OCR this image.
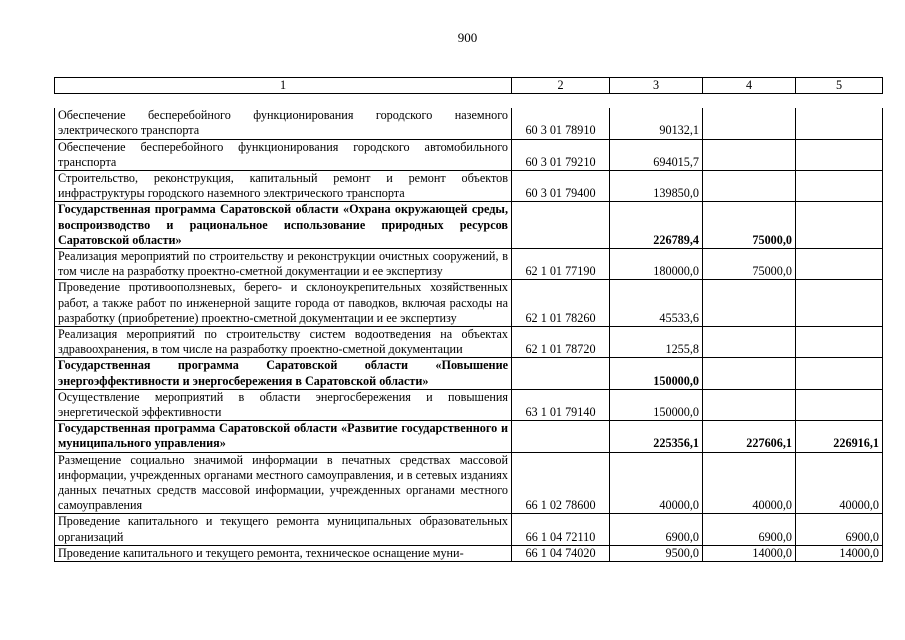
900
1	2	3	4	5

Обеспечение бесперебойного функционирования городского наземного электрического транспорта	60 3 01 78910	90132,1		
Обеспечение бесперебойного функционирования городского автомобильного транспорта	60 3 01 79210	694015,7		
Строительство, реконструкция, капитальный ремонт и ремонт объектов инфраструктуры городского наземного электрического транспорта	60 3 01 79400	139850,0		
Государственная программа Саратовской области «Охрана окружающей среды, воспроизводство и рациональное использование природных ресурсов Саратовской области»		226789,4	75000,0	
Реализация мероприятий по строительству и реконструкции очистных сооружений, в том числе на разработку проектно-сметной документации и ее экспертизу	62 1 01 77190	180000,0	75000,0	
Проведение противооползневых, берего- и склоноукрепительных хозяйственных работ, а также работ по инженерной защите города от паводков, включая расходы на разработку (приобретение) проектно-сметной документации и ее экспертизу	62 1 01 78260	45533,6		
Реализация мероприятий по строительству систем водоотведения на объектах здравоохранения, в том числе на разработку проектно-сметной документации	62 1 01 78720	1255,8		
Государственная программа Саратовской области «Повышение энергоэффективности и энергосбережения в Саратовской области»		150000,0		
Осуществление мероприятий в области энергосбережения и повышения энергетической эффективности	63 1 01 79140	150000,0		
Государственная программа Саратовской области «Развитие государственного и муниципального управления»		225356,1	227606,1	226916,1
Размещение социально значимой информации в печатных средствах массовой информации, учрежденных органами местного самоуправления, и в сетевых изданиях данных печатных средств массовой информации, учрежденных органами местного самоуправления	66 1 02 78600	40000,0	40000,0	40000,0
Проведение капитального и текущего ремонта муниципальных образовательных организаций	66 1 04 72110	6900,0	6900,0	6900,0
Проведение капитального и текущего ремонта, техническое оснащение муни-	66 1 04 74020	9500,0	14000,0	14000,0
